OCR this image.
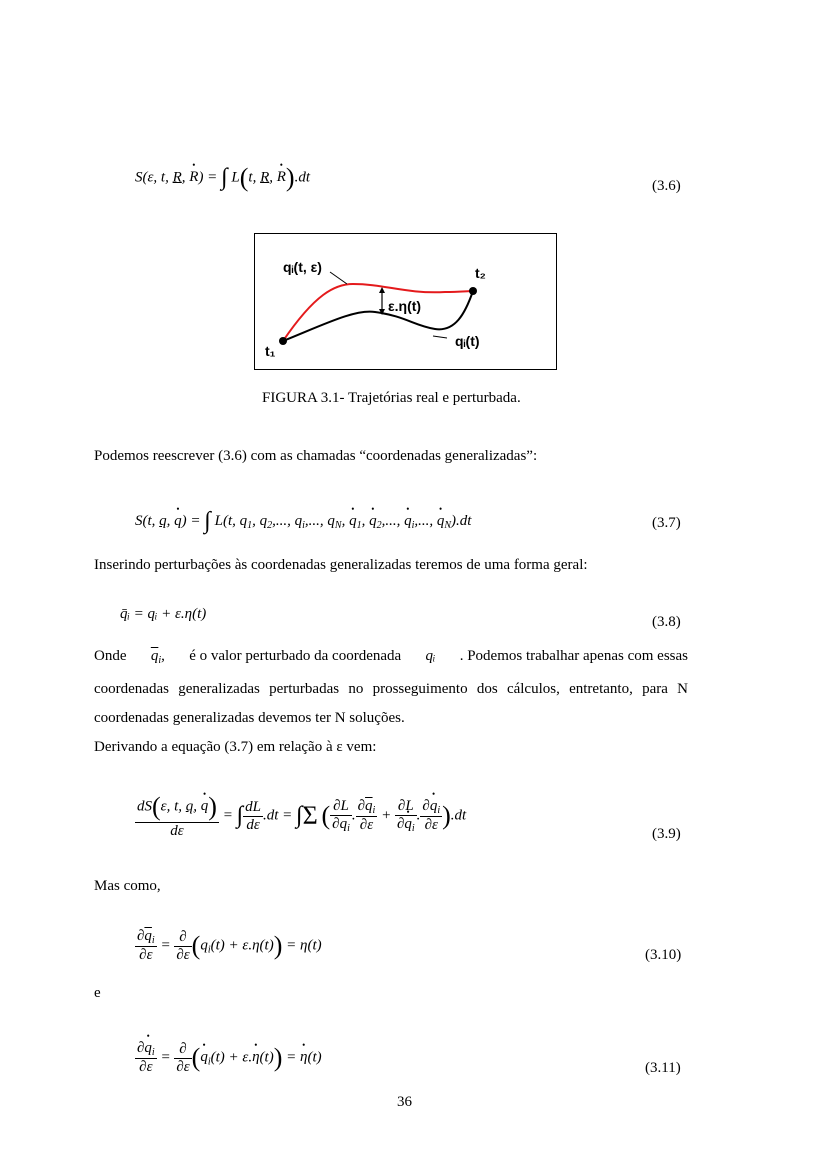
S(ε, t, R, • R) = ∫ L(t, R, • R).dt
(3.6)
qᵢ(t, ε)	t₂
ε.η(t)
qᵢ(t)
t₁
FIGURA 3.1- Trajetórias real e perturbada.
Podemos reescrever (3.6) com as chamadas “coordenadas generalizadas”:
S(t, q, • q) = ∫ L(t, $q_1$, $q_2$,..., $q_i$,..., $q_N$, • $q_1$, • $q_2$,..., • $q_i$,..., • $q_N).dt$	(3.7)
Inserindo perturbações às coordenadas generalizadas teremos de uma forma geral:
q̄ᵢ = qᵢ + ε.η(t)	(3.8)
Onde $\overline{q}_i$, é o valor perturbado da coordenada qᵢ . Podemos trabalhar apenas com essas
coordenadas generalizadas perturbadas no prosseguimento dos cálculos, entretanto, para N
coordenadas generalizadas devemos ter N soluções.
Derivando a equação (3.7) em relação à ε vem:
$\frac{dS(\varepsilon, t, q, • q)}{d\varepsilon}$ = ∫ $\frac{dL}{d\varepsilon} .dt = \int\Sigma$ ( $\frac{\partial L}{\partial\overline{q}_i}$ . $\frac{\partial\overline{q}_i}{\partial\varepsilon} + \frac{\partial L}{\partial• q_i}$ . $\frac{\partial• \overline{q}_i}{\partial\varepsilon} ).dt$
(3.9)
Mas como,
$\frac{\partial\overline{q}_i}{\partial\varepsilon} = \frac{\partial}{\partial\varepsilon} (q_i(t) + \varepsilon.\eta(t)) = \eta(t)$
(3.10)
e
$\frac{\partial• \overline{q}_i}{\partial\varepsilon} = \frac{\partial}{\partial\varepsilon}$ (• $q_i(t)$ + ε.• η(t)) = • η(t)
(3.11)
36
